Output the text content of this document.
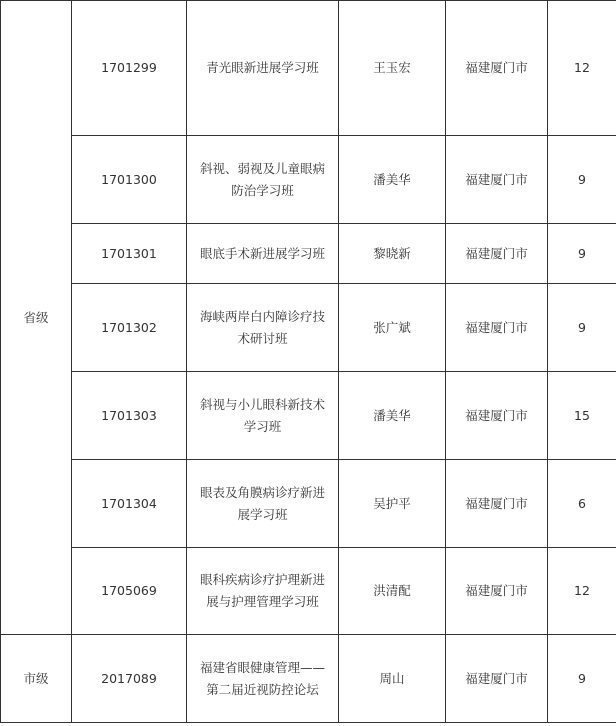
省级	1701299	青光眼新进展学习班	王玉宏	福建厦门市	12
	1701300	斜视、弱视及儿童眼病防治学习班	潘美华	福建厦门市	9
	1701301	眼底手术新进展学习班	黎晓新	福建厦门市	9
	1701302	海峡两岸白内障诊疗技术研讨班	张广斌	福建厦门市	9
	1701303	斜视与小儿眼科新技术学习班	潘美华	福建厦门市	15
	1701304	眼表及角膜病诊疗新进展学习班	吴护平	福建厦门市	6
	1705069	眼科疾病诊疗护理新进展与护理管理学习班	洪清配	福建厦门市	12
市级	2017089	福建省眼健康管理——第二届近视防控论坛	周山	福建厦门市	9
